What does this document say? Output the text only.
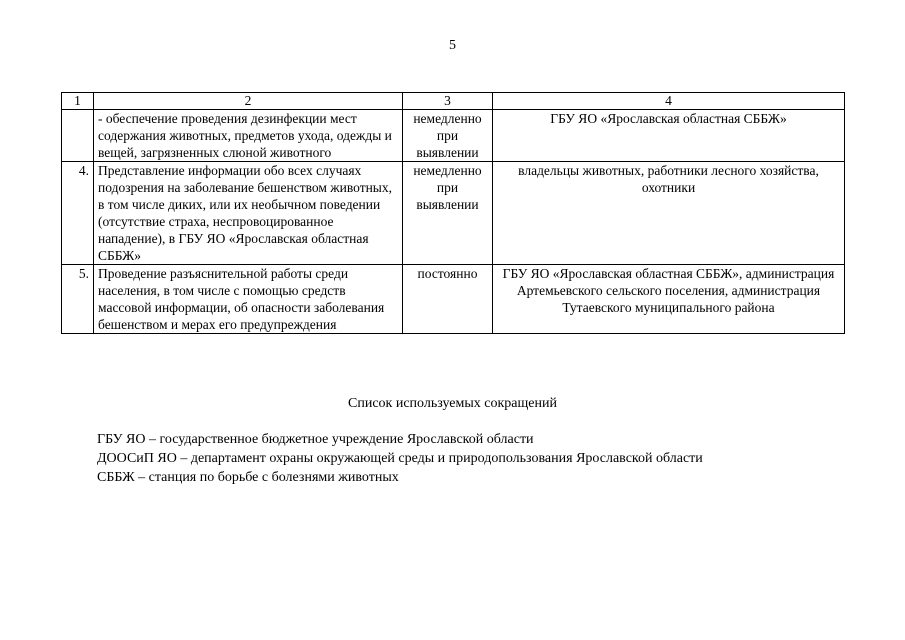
5
1	2	3	4
	- обеспечение проведения дезинфекции мест содержания животных, предметов ухода, одежды и вещей, загрязненных слюной животного	немедленно при выявлении	ГБУ ЯО «Ярославская областная СББЖ»
4.	Представление информации обо всех случаях подозрения на заболевание бешенством животных, в том числе диких, или их необычном поведении (отсутствие страха, неспровоцированное нападение), в ГБУ ЯО «Ярославская областная СББЖ»	немедленно при выявлении	владельцы животных, работники лесного хозяйства, охотники
5.	Проведение разъяснительной работы среди населения, в том числе с помощью средств массовой информации, об опасности заболевания бешенством и мерах его предупреждения	постоянно	ГБУ ЯО «Ярославская областная СББЖ», администрация Артемьевского сельского поселения, администрация Тутаевского муниципального района
Список используемых сокращений
ГБУ ЯО – государственное бюджетное учреждение Ярославской области
ДООСиП ЯО – департамент охраны окружающей среды и природопользования Ярославской области
СББЖ – станция по борьбе с болезнями животных
